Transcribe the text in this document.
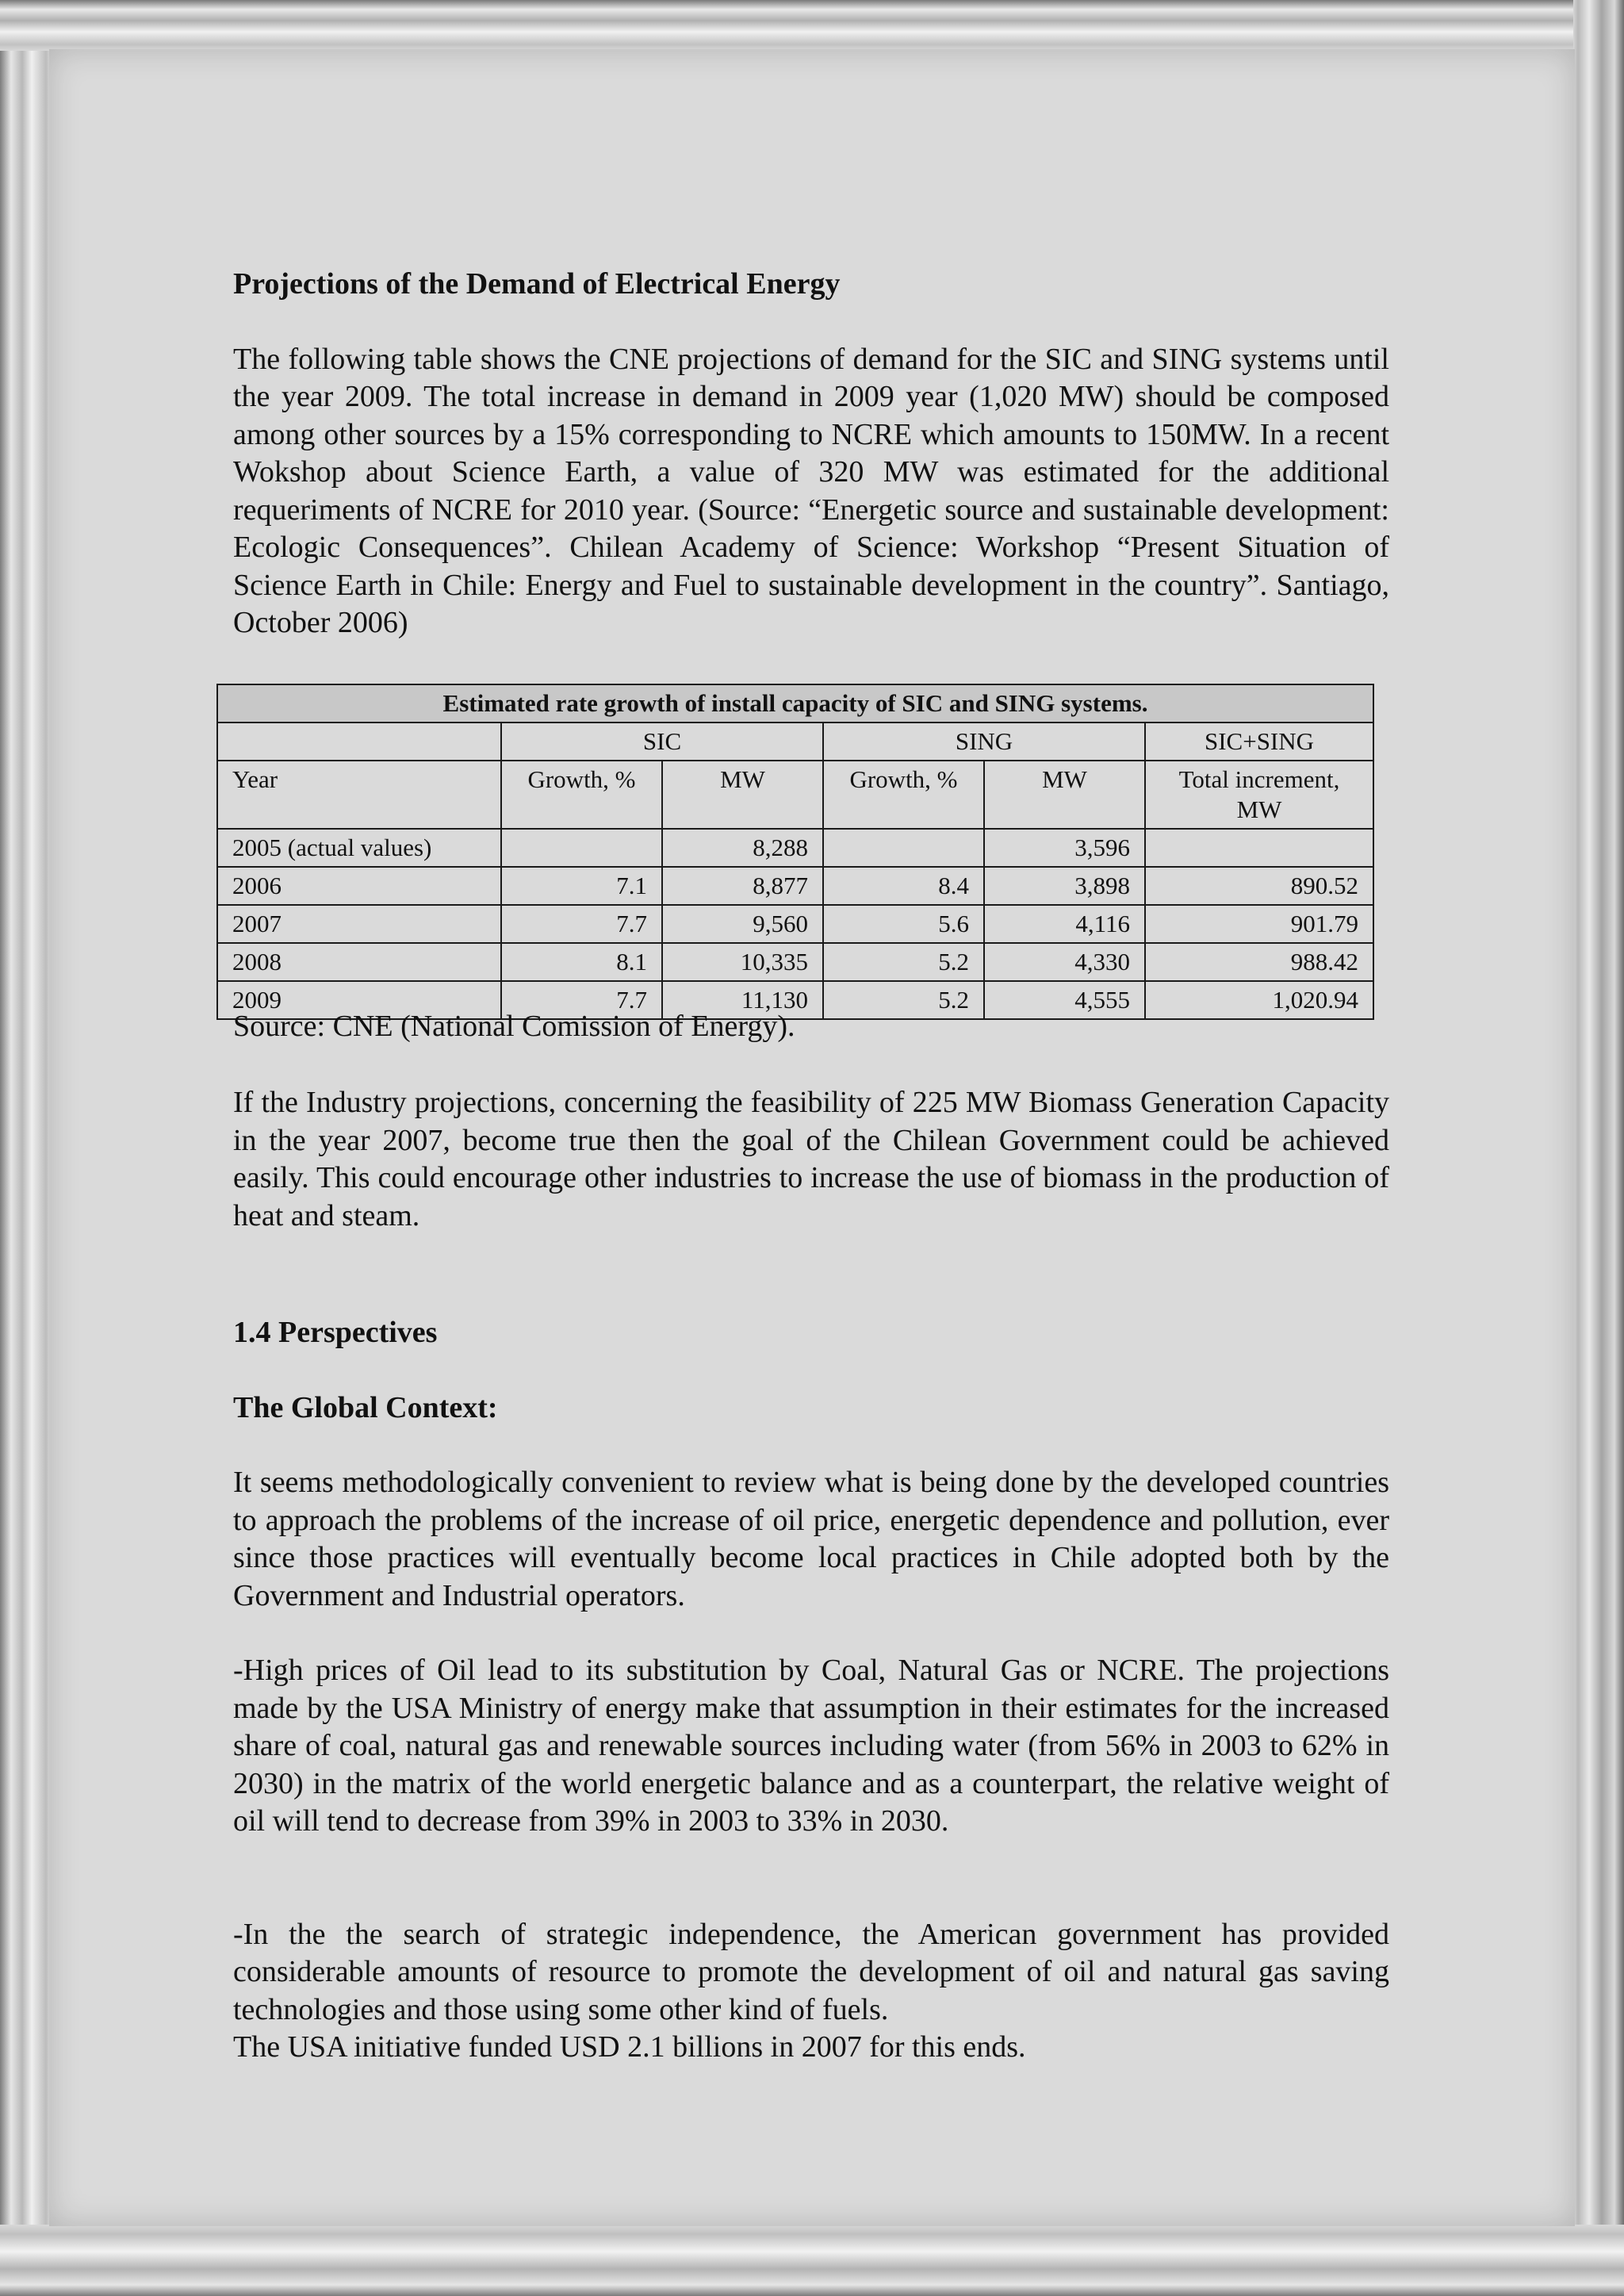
Projections of the Demand of Electrical Energy

The following table shows the CNE projections of demand for the SIC and SING systems until the year 2009. The total increase in demand in 2009 year (1,020 MW) should be composed among other sources by a 15% corresponding to NCRE which amounts to 150MW. In a recent Wokshop about Science Earth, a value of 320 MW was estimated for the additional requeriments of NCRE for 2010 year. (Source: “Energetic source and sustainable development: Ecologic Consequences”. Chilean Academy of Science: Workshop “Present Situation of Science Earth in Chile: Energy and Fuel to sustainable development in the country”. Santiago, October 2006)

Estimated rate growth of install capacity of SIC and SING systems.					
	SIC		SING		SIC+SING
Year	Growth, %	MW	Growth, %	MW	Total increment, MW
2005 (actual values)		8,288		3,596	
2006	7.1	8,877	8.4	3,898	890.52
2007	7.7	9,560	5.6	4,116	901.79
2008	8.1	10,335	5.2	4,330	988.42
2009	7.7	11,130	5.2	4,555	1,020.94
Source: CNE (National Comission of Energy).

If the Industry projections, concerning the feasibility of 225 MW Biomass Generation Capacity in the year 2007, become true then the goal of the Chilean Government could be achieved easily. This could encourage other industries to increase the use of biomass in the production of heat and steam.

1.4 Perspectives

The Global Context:

It seems methodologically convenient to review what is being done by the developed countries to approach the problems of the increase of oil price, energetic dependence and pollution, ever since those practices will eventually become local practices in Chile adopted both by the Government and Industrial operators.

-High prices of Oil lead to its substitution by Coal, Natural Gas or NCRE. The projections made by the USA Ministry of energy make that assumption in their estimates for the increased share of coal, natural gas and renewable sources including water (from 56% in 2003 to 62% in 2030) in the matrix of the world energetic balance and as a counterpart, the relative weight of oil will tend to decrease from 39% in 2003 to 33% in 2030.

-In the the search of strategic independence, the American government has provided considerable amounts of resource to promote the development of oil and natural gas saving technologies and those using some other kind of fuels.

The USA initiative funded USD 2.1 billions in 2007 for this ends.
